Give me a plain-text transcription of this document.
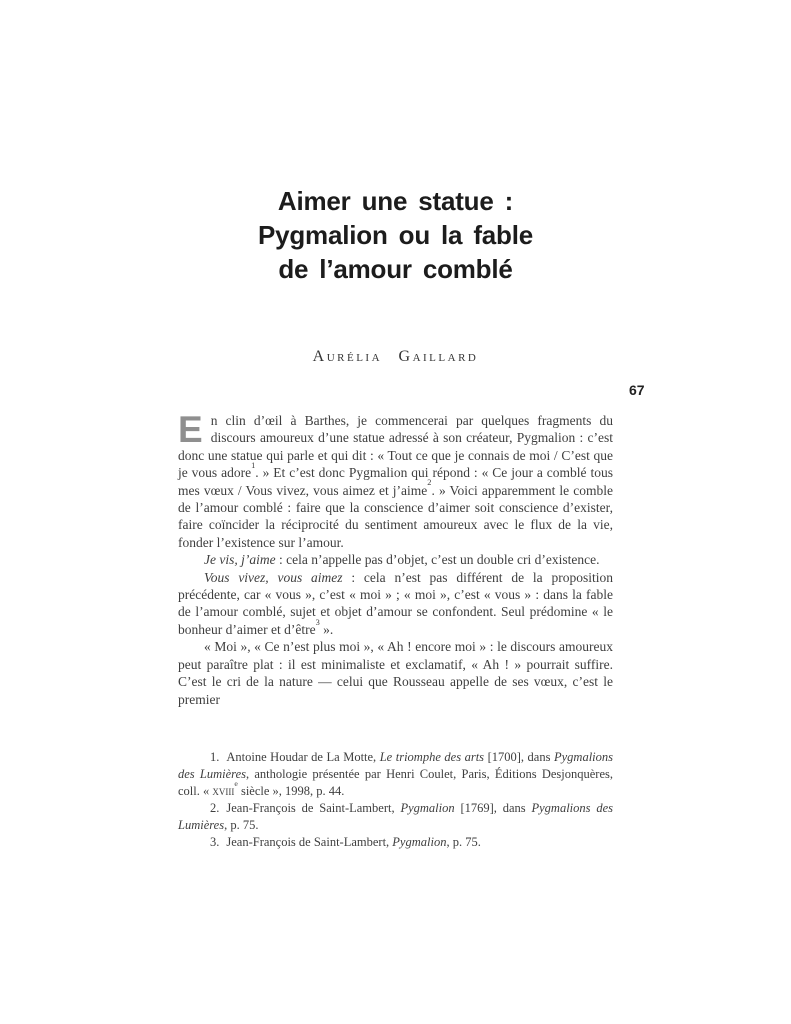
67
Aimer une statue :
Pygmalion ou la fable
de l’amour comblé
Aurélia Gaillard

En clin d’œil à Barthes, je commencerai par quelques fragments du discours amoureux d’une statue adressé à son créateur, Pygmalion : c’est donc une statue qui parle et qui dit : « Tout ce que je connais de moi / C’est que je vous adore$^1$. » Et c’est donc Pygmalion qui répond : « Ce jour a comblé tous mes vœux / Vous vivez, vous aimez et j’aime$^2$. » Voici apparemment le comble de l’amour comblé : faire que la conscience d’aimer soit conscience d’exister, faire coïncider la réciprocité du sentiment amoureux avec le flux de la vie, fonder l’existence sur l’amour.

Je vis, j’aime : cela n’appelle pas d’objet, c’est un double cri d’existence.

Vous vivez, vous aimez : cela n’est pas différent de la proposition précédente, car « vous », c’est « moi » ; « moi », c’est « vous » : dans la fable de l’amour comblé, sujet et objet d’amour se confondent. Seul prédomine « le bonheur d’aimer et d’être$^3$ ».

« Moi », « Ce n’est plus moi », « Ah ! encore moi » : le discours amoureux peut paraître plat : il est minimaliste et exclamatif, « Ah ! » pourrait suffire. C’est le cri de la nature — celui que Rousseau appelle de ses vœux, c’est le premier

1. Antoine Houdar de La Motte, Le triomphe des arts [1700], dans Pygmalions des Lumières, anthologie présentée par Henri Coulet, Paris, Éditions Desjonquères, coll. « xviii$^e$ siècle », 1998, p. 44.

2. Jean-François de Saint-Lambert, Pygmalion [1769], dans Pygmalions des Lumières, p. 75.

3. Jean-François de Saint-Lambert, Pygmalion, p. 75.
